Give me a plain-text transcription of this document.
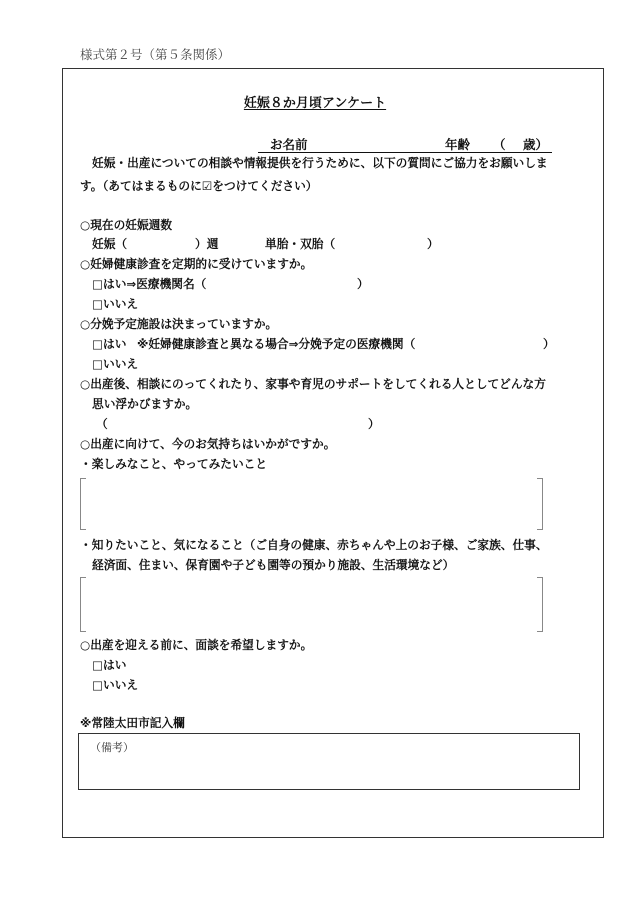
様式第２号（第５条関係）
妊娠８か月頃アンケート
お名前	年齢 （ 歳）
妊娠・出産についての相談や情報提供を行うために、以下の質問にご協力をお願いしま
す。（あてはまるものに☑をつけてください）
○現在の妊娠週数
妊娠（	）週	単胎・双胎（	）
○妊婦健康診査を定期的に受けていますか。
□はい⇒医療機関名（	）
□いいえ
○分娩予定施設は決まっていますか。
□はい ※妊婦健康診査と異なる場合⇒分娩予定の医療機関（	）
□いいえ
○出産後、相談にのってくれたり、家事や育児のサポートをしてくれる人としてどんな方
思い浮かびますか。
（	）
○出産に向けて、今のお気持ちはいかがですか。
・楽しみなこと、やってみたいこと
・知りたいこと、気になること（ご自身の健康、赤ちゃんや上のお子様、ご家族、仕事、
経済面、住まい、保育園や子ども園等の預かり施設、生活環境など）
○出産を迎える前に、面談を希望しますか。
□はい
□いいえ
※常陸太田市記入欄
（備考）
